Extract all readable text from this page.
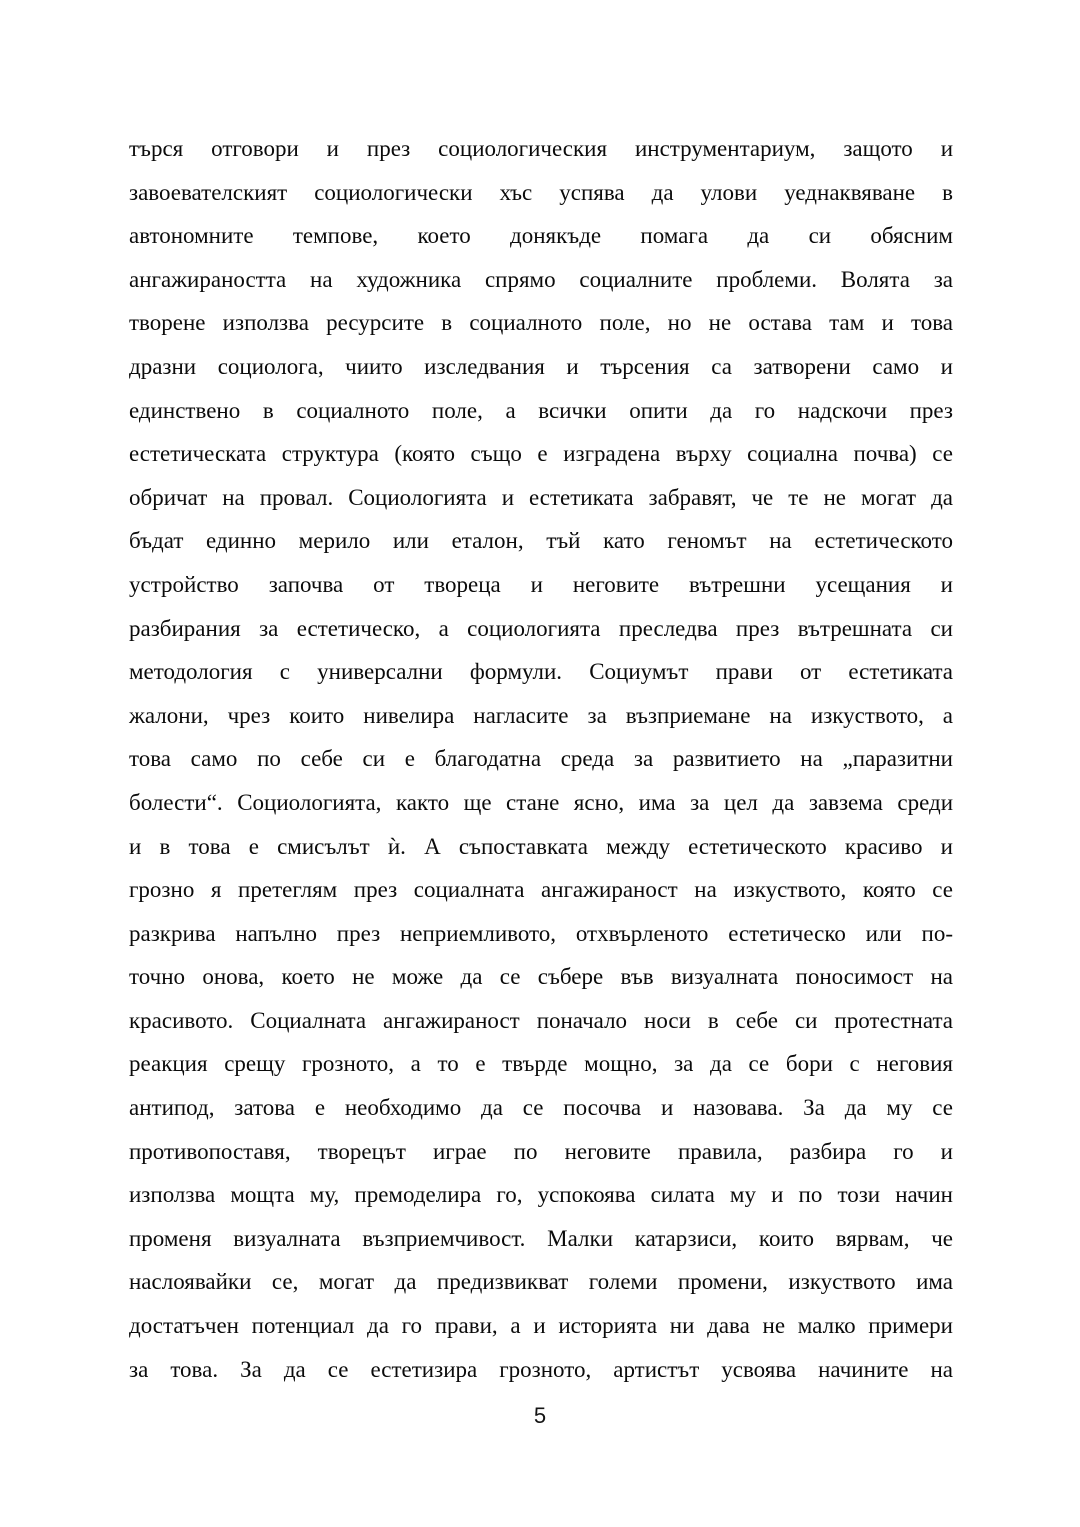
търся отговори и през социологическия инструментариум, защото и
завоевателският социологически хъс успява да улови уеднаквяване в
автономните темпове, което донякъде помага да си обясним
ангажираността на художника спрямо социалните проблеми. Волята за
творене използва ресурсите в социалното поле, но не остава там и това
дразни социолога, чиито изследвания и търсения са затворени само и
единствено в социалното поле, а всички опити да го надскочи през
естетическата структура (която също е изградена върху социална почва) се
обричат на провал. Социологията и естетиката забравят, че те не могат да
бъдат единно мерило или еталон, тъй като геномът на естетическото
устройство започва от твореца и неговите вътрешни усещания и
разбирания за естетическо, а социологията преследва през вътрешната си
методология с универсални формули. Социумът прави от естетиката
жалони, чрез които нивелира нагласите за възприемане на изкуството, а
това само по себе си е благодатна среда за развитието на „паразитни
болести“. Социологията, както ще стане ясно, има за цел да завзема среди
и в това е смисълът ѝ. А съпоставката между естетическото красиво и
грозно я претеглям през социалната ангажираност на изкуството, която се
разкрива напълно през неприемливото, отхвърленото естетическо или по-
точно онова, което не може да се събере във визуалната поносимост на
красивото. Социалната ангажираност поначало носи в себе си протестната
реакция срещу грозното, а то е твърде мощно, за да се бори с неговия
антипод, затова е необходимо да се посочва и назовава. За да му се
противопоставя, творецът играе по неговите правила, разбира го и
използва мощта му, премоделира го, успокоява силата му и по този начин
променя визуалната възприемчивост. Малки катарзиси, които вярвам, че
наслоявайки се, могат да предизвикват големи промени, изкуството има
достатъчен потенциал да го прави, а и историята ни дава не малко примери
за това. За да се естетизира грозното, артистът усвоява начините на
5
